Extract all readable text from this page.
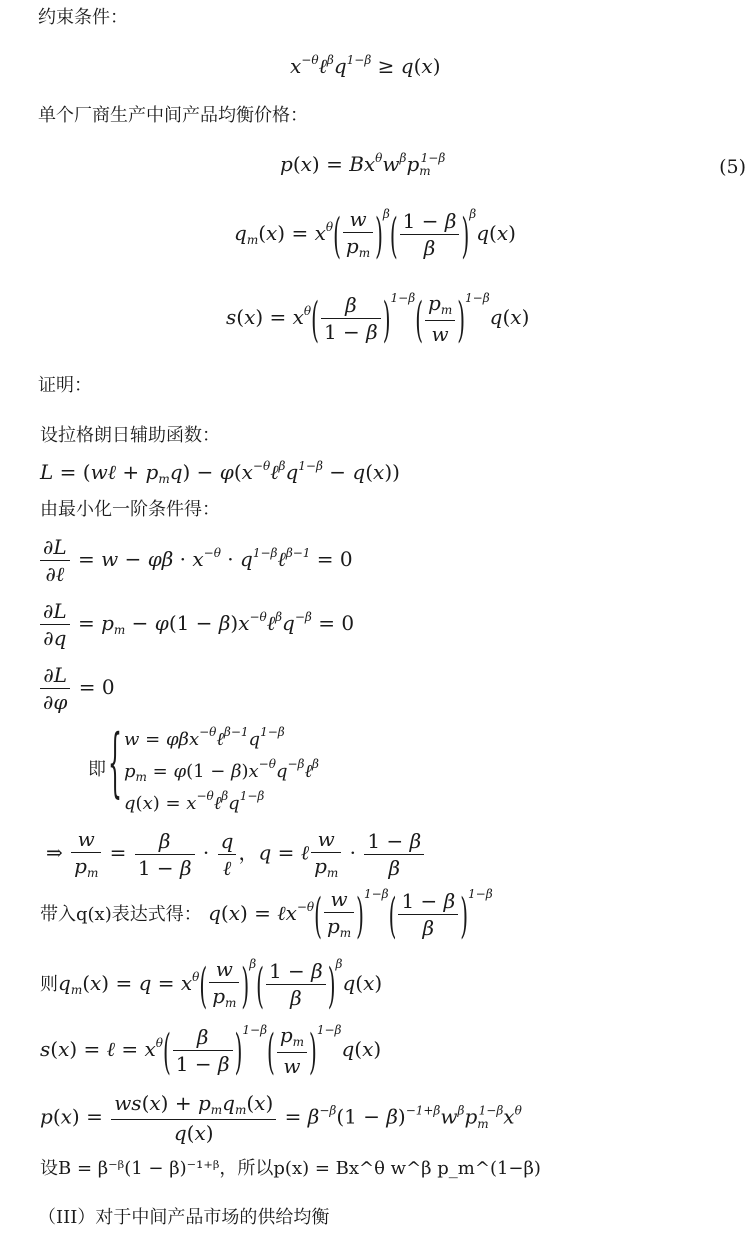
约束条件：
$x^{-\theta}\ell^\beta q^{1-\beta} \ge q(x)$
单个厂商生产中间产品均衡价格：
$p(x) = Bx^\theta w^\beta p_m^{1-\beta}$	(5)
$q_m(x) = x^\theta( \frac{w}{p_m} )^\beta( \frac{1 - \beta}{\beta} )^\beta q(x)$
$s(x) = x^\theta( \frac{\beta}{1 - \beta} )^{1-\beta}( \frac{p_m}{w} )^{1-\beta}q(x)$
证明：
设拉格朗日辅助函数：
L = (wℓ + $p_mq$) − $\varphi(x^{-\theta}\ell^\beta q^{1-\beta} - q(x))$
由最小化一阶条件得：
$\frac{\partial L}{\text{∂ℓ}} = w - \varphi\beta \cdot x^{-\theta}$ · $q^{1-\beta}\ell^{\beta-1} = 0$
$\frac{\partial L}{\partial q} = p_m - \varphi(1$ − $\beta)x^{-\theta}\ell^\beta q^{-\beta} = 0$
$\frac{\partial L}{\partial\varphi} = 0$
即 { $w = \varphi\beta x^{-\theta}\ell^{\beta-1}q^{1-\beta}$
$p_m = \varphi(1$ − $\beta)x^{-\theta}q^{-\beta}\ell^\beta$
$q(x) = x^{-\theta}\ell^\beta q^{1-\beta}$
⇒ $\frac{w}{p_m} = \frac{\beta}{1 - \beta} \cdot \frac{q}{\text{ℓ}}$ ，q = ℓ $\frac{w}{p_m} \cdot \frac{1 - \beta}{\beta}$
带入q(x)表达式得： q(x) = ℓx$^{-\theta}$( $\frac{w}{p_m} )^{1-\beta}( \frac{1 - \beta}{\beta} )^{1-\beta}$
则$q_m(x) = q = x^\theta( \frac{w}{p_m} )^\beta( \frac{1 - \beta}{\beta} )^\beta q(x)$
s(x) = ℓ = $x^\theta( \frac{\beta}{1 - \beta} )^{1-\beta}( \frac{p_m}{w} )^{1-\beta}q(x)$
$p(x) = \frac{ws(x) + p_mq_m(x)}{q(x)} = \beta^{-\beta}(1 - \beta)^{-1+\beta}w^\beta p_m^{1-\beta}x^\theta$
设B = β⁻ᵝ(1 − β)⁻¹⁺ᵝ，所以p(x) = Bx^θ w^β p_m^(1−β)
（III）对于中间产品市场的供给均衡
